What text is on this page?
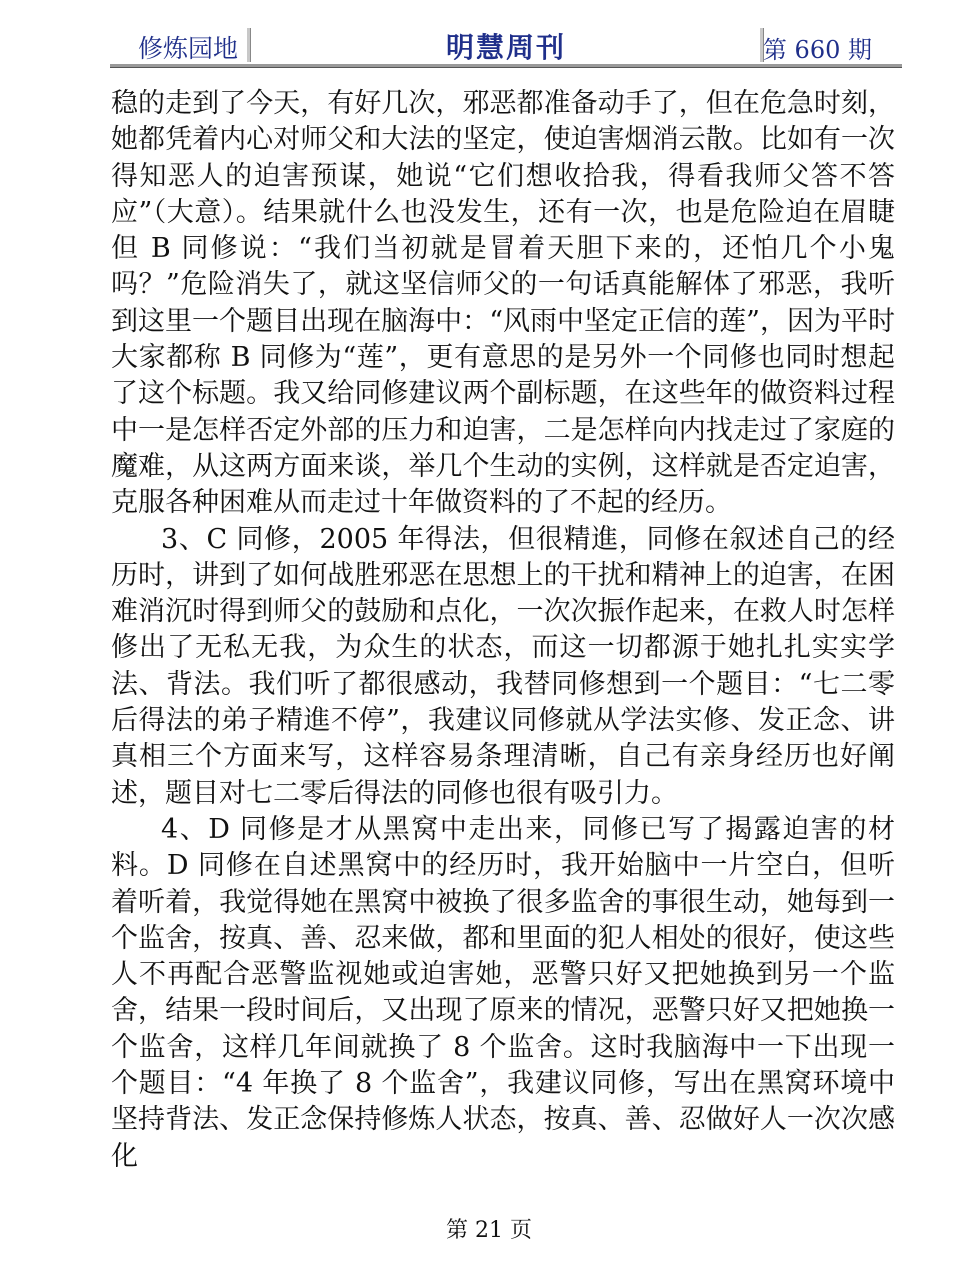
修炼园地	明慧周刊	第 660 期

稳的走到了今天，有好几次，邪恶都准备动手了，但在危急时刻，她都凭着内心对师父和大法的坚定，使迫害烟消云散。比如有一次得知恶人的迫害预谋，她说“它们想收拾我，得看我师父答不答应”（大意）。结果就什么也没发生，还有一次，也是危险迫在眉睫但 B 同修说：“我们当初就是冒着天胆下来的，还怕几个小鬼吗？”危险消失了，就这坚信师父的一句话真能解体了邪恶，我听到这里一个题目出现在脑海中：“风雨中坚定正信的莲”，因为平时大家都称 B 同修为“莲”，更有意思的是另外一个同修也同时想起了这个标题。我又给同修建议两个副标题，在这些年的做资料过程中一是怎样否定外部的压力和迫害，二是怎样向内找走过了家庭的魔难，从这两方面来谈，举几个生动的实例，这样就是否定迫害，克服各种困难从而走过十年做资料的了不起的经历。

3、C 同修，2005 年得法，但很精進，同修在叙述自己的经历时，讲到了如何战胜邪恶在思想上的干扰和精神上的迫害，在困难消沉时得到师父的鼓励和点化，一次次振作起来，在救人时怎样修出了无私无我，为众生的状态，而这一切都源于她扎扎实实学法、背法。我们听了都很感动，我替同修想到一个题目：“七二零后得法的弟子精進不停”，我建议同修就从学法实修、发正念、讲真相三个方面来写，这样容易条理清晰，自己有亲身经历也好阐述，题目对七二零后得法的同修也很有吸引力。

4、D 同修是才从黑窝中走出来，同修已写了揭露迫害的材料。D 同修在自述黑窝中的经历时，我开始脑中一片空白，但听着听着，我觉得她在黑窝中被换了很多监舍的事很生动，她每到一个监舍，按真、善、忍来做，都和里面的犯人相处的很好，使这些人不再配合恶警监视她或迫害她，恶警只好又把她换到另一个监舍，结果一段时间后，又出现了原来的情况，恶警只好又把她换一个监舍，这样几年间就换了 8 个监舍。这时我脑海中一下出现一个题目：“4 年换了 8 个监舍”，我建议同修，写出在黑窝环境中坚持背法、发正念保持修炼人状态，按真、善、忍做好人一次次感化

第 21 页
